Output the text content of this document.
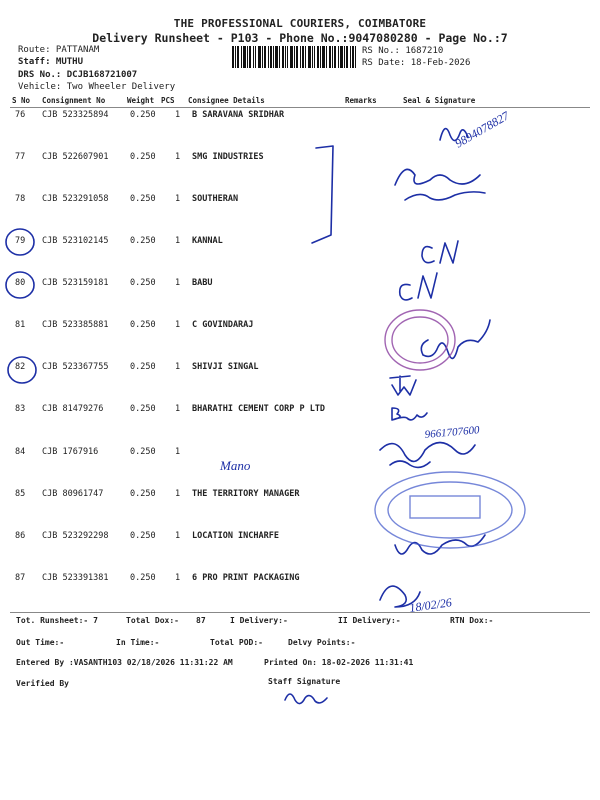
THE PROFESSIONAL COURIERS, COIMBATORE
Delivery Runsheet - P103 - Phone No.:9047080280 - Page No.:7
Route: PATTANAM
Staff: MUTHU
DRS No.: DCJB168721007
Vehicle: Two Wheeler Delivery
RS No.: 1687210
RS Date: 18-Feb-2026
S No Consignment No	Weight PCS Consignee Details	Remarks	Seal & Signature
76 CJB 523325894	0.250 1 B SARAVANA SRIDHAR
77 CJB 522607901	0.250 1 SMG INDUSTRIES
78 CJB 523291058	0.250 1 SOUTHERAN
79 CJB 523102145	0.250 1 KANNAL
80 CJB 523159181	0.250 1 BABU
81 CJB 523385881	0.250 1 C GOVINDARAJ
82 CJB 523367755	0.250 1 SHIVJI SINGAL
83 CJB 81479276	0.250 1 BHARATHI CEMENT CORP P LTD
84 CJB 1767916	0.250 1
85 CJB 80961747	0.250 1 THE TERRITORY MANAGER
86 CJB 523292298	0.250 1 LOCATION INCHARFE
87 CJB 523391381	0.250 1 6 PRO PRINT PACKAGING
9894078827
9661707600
Mano
18/02/26
Tot. Runsheet:- 7	Total Dox:- 87	I Delivery:-	II Delivery:-	RTN Dox:-
Out Time:-	In Time:-	Total POD:-	Delvy Points:-
Entered By :VASANTH103 02/18/2026 11:31:22 AM	Printed On: 18-02-2026 11:31:41
Verified By	Staff Signature
